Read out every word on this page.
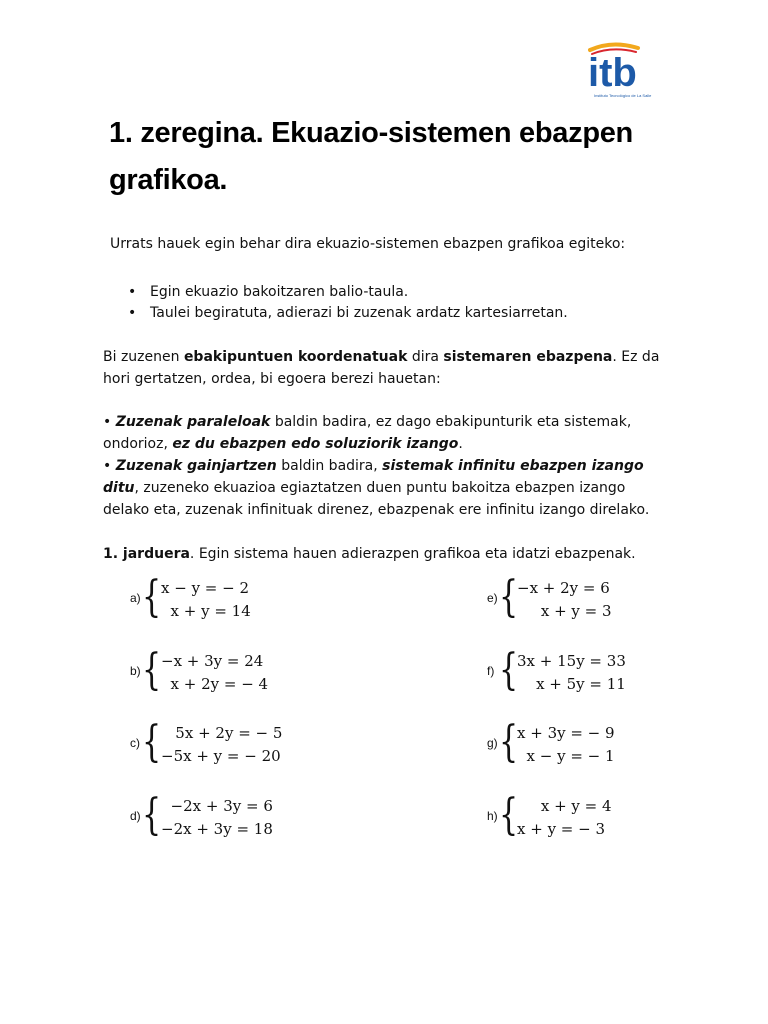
itb
Instituto Tecnológico de La Salle
1. zeregina. Ekuazio-sistemen ebazpen grafikoa.
Urrats hauek egin behar dira ekuazio-sistemen ebazpen grafikoa egiteko:
• Egin ekuazio bakoitzaren balio-taula.
• Taulei begiratuta, adierazi bi zuzenak ardatz kartesiarretan.
Bi zuzenen ebakipuntuen koordenatuak dira sistemaren ebazpena. Ez da hori gertatzen, ordea, bi egoera berezi hauetan:
• Zuzenak paraleloak baldin badira, ez dago ebakipunturik eta sistemak, ondorioz, ez du ebazpen edo soluziorik izango.
• Zuzenak gainjartzen baldin badira, sistemak infinitu ebazpen izango ditu, zuzeneko ekuazioa egiaztatzen duen puntu bakoitza ebazpen izango delako eta, zuzenak infinituak direnez, ebazpenak ere infinitu izango direlako.
1. jarduera. Egin sistema hauen adierazpen grafikoa eta idatzi ebazpenak.
a) { x − y = − 2
x + y = 14
b) { −x + 3y = 24
x + 2y = − 4
c) { 5x + 2y = − 5
−5x + y = − 20
d) { −2x + 3y = 6
−2x + 3y = 18
e) {
−x + 2y = 6
x + y = 3
f) {
3x + 15y = 33
x + 5y = 11
g) {
x + 3y = − 9
x − y = − 1
h) {
x + y = 4
x + y = − 3
